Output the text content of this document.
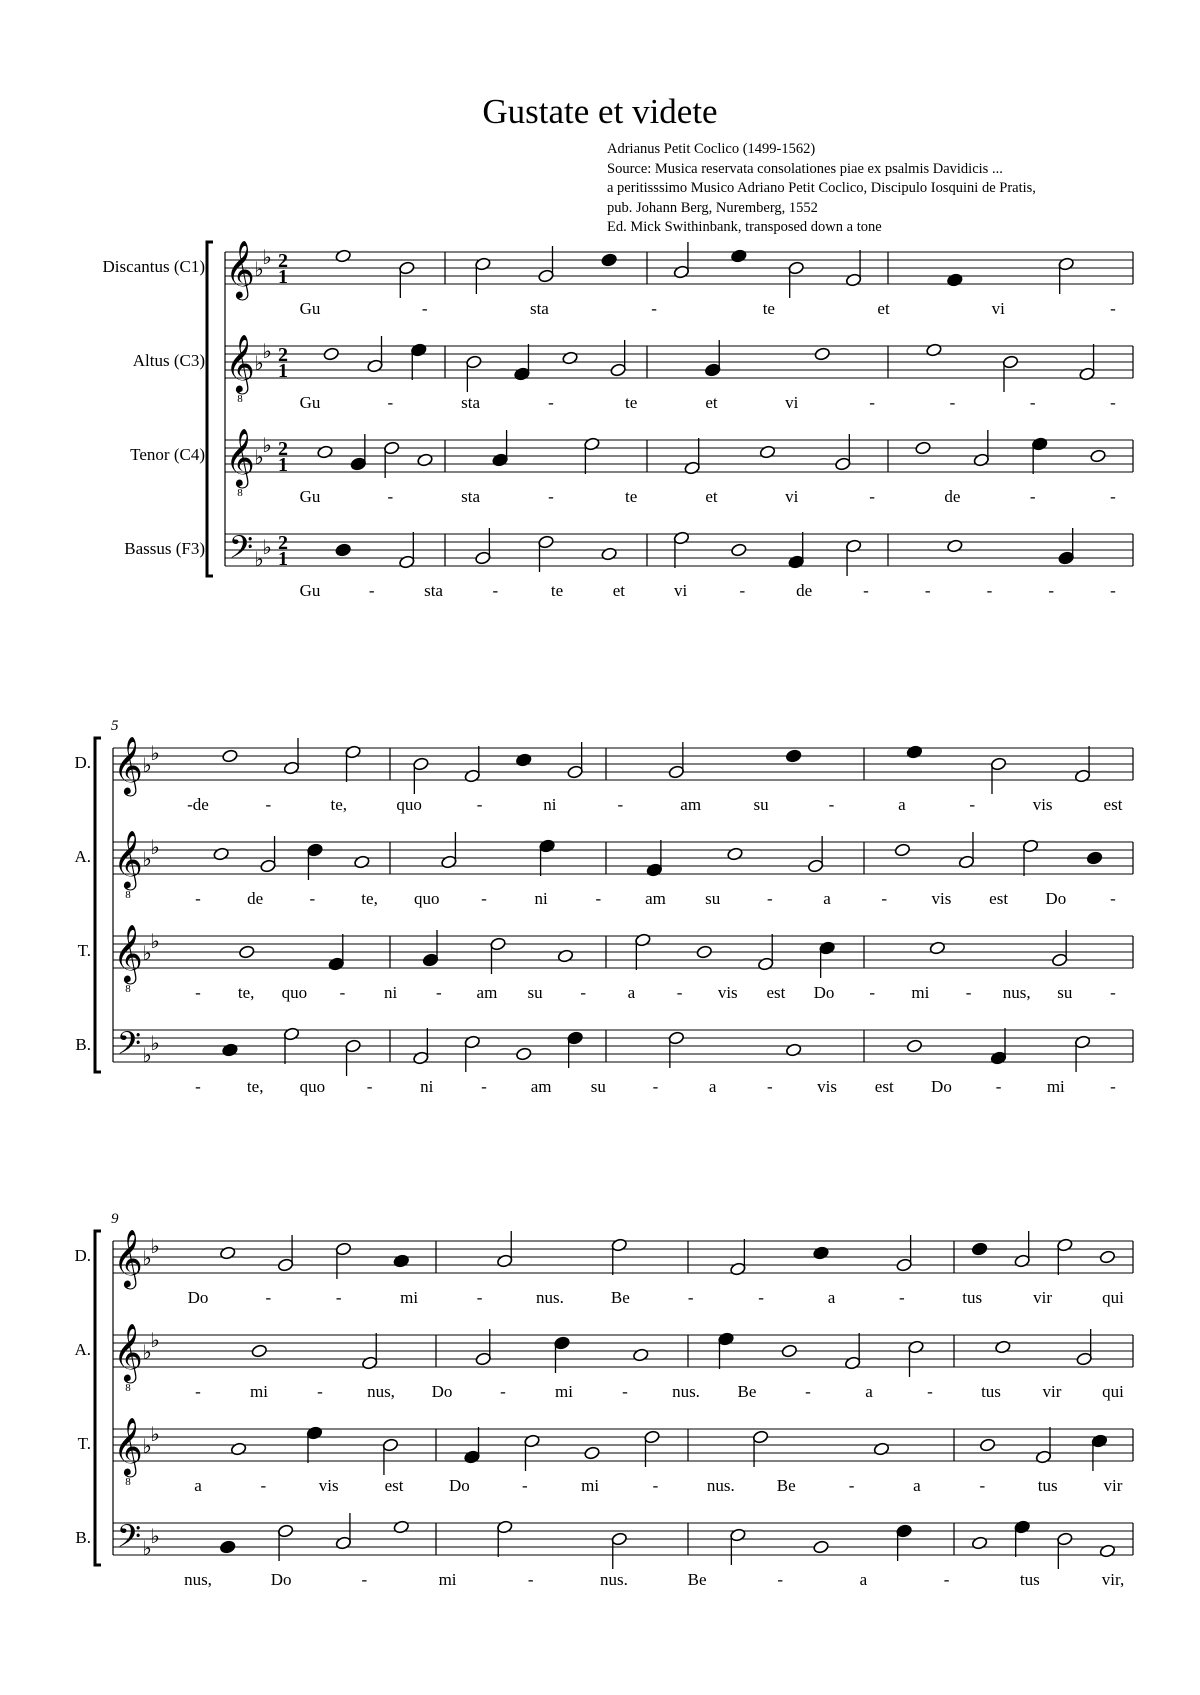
Gustate et videte
Adrianus Petit Coclico (1499-1562)
Source: Musica reservata consolationes piae ex psalmis Davidicis ...
a peritisssimo Musico Adriano Petit Coclico, Discipulo Iosquini de Pratis,
pub. Johann Berg, Nuremberg, 1552
Ed. Mick Swithinbank, transposed down a tone
Discantus (C1) 𝄞 ♭
♭ 2
1
Gu	-	sta	-	te	et	vi	-
Altus (C3) 𝄞
8
♭
♭ 2
1
Gu	-	sta	-	te	et	vi	-	-	-	-
Tenor (C4) 𝄞
8
♭
♭ 2
1
Gu	-	sta	-	te	et	vi	-	de	-	-
Bassus (F3) 𝄢 ♭
♭ 2
1
Gu	-	sta	-	te	et	vi	-	de	-	-	-	-	-
5
D. 𝄞 ♭
♭
-de	-	te,	quo	-	ni	-	am	su	-	a	-	vis	est
A. 𝄞
8
♭
♭
-	de	-	te, quo -	ni	-	am su	-	a	-	vis est Do	-
T. 𝄞
8
♭
♭
- te, quo - ni - am su - a - vis est Do - mi - nus, su -
B. 𝄢 ♭
♭
-	te, quo -	ni	-	am su	-	a	-	vis est Do	-	mi	-
9
D. 𝄞 ♭
♭
Do	-	-	mi	-	nus.	Be	-	-	a	-	tus	vir	qui
A. 𝄞
8
♭
♭
-	mi	-	nus, Do	-	mi	-	nus. Be	-	a	-	tus vir qui
T. 𝄞
8
♭
♭
a	-	vis	est	Do	-	mi	-	nus. Be	-	a	-	tus	vir
B. 𝄢 ♭
♭
nus,	Do	-	mi	-	nus.	Be	-	a	-	tus	vir,
